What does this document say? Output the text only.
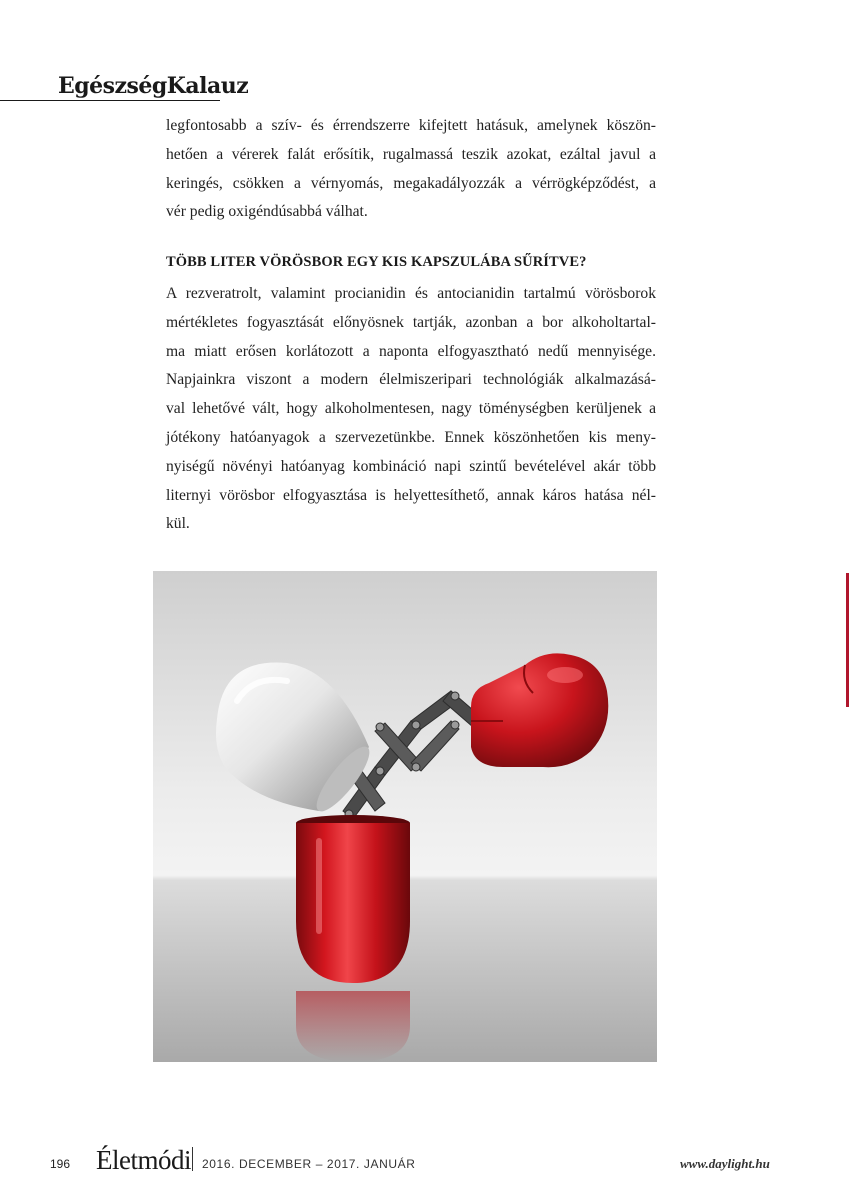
EgészségKalauz
legfontosabb a szív- és érrendszerre kifejtett hatásuk, amelynek köszön-
hetően a vérerek falát erősítik, rugalmassá teszik azokat, ezáltal javul a
keringés, csökken a vérnyomás, megakadályozzák a vérrögképződést, a
vér pedig oxigéndúsabbá válhat.
TÖBB LITER VÖRÖSBOR EGY KIS KAPSZULÁBA SŰRÍTVE?
A rezveratrolt, valamint procianidin és antocianidin tartalmú vörösborok
mértékletes fogyasztását előnyösnek tartják, azonban a bor alkoholtartal-
ma miatt erősen korlátozott a naponta elfogyasztható nedű mennyisége.
Napjainkra viszont a modern élelmiszeripari technológiák alkalmazásá-
val lehetővé vált, hogy alkoholmentesen, nagy töménységben kerüljenek a
jótékony hatóanyagok a szervezetünkbe. Ennek köszönhetően kis meny-
nyiségű növényi hatóanyag kombináció napi szintű bevételével akár több
liternyi vörösbor elfogyasztása is helyettesíthető, annak káros hatása nél-
kül.
196 Életmódi 2016. DECEMBER – 2017. JANUÁR	www.daylight.hu
